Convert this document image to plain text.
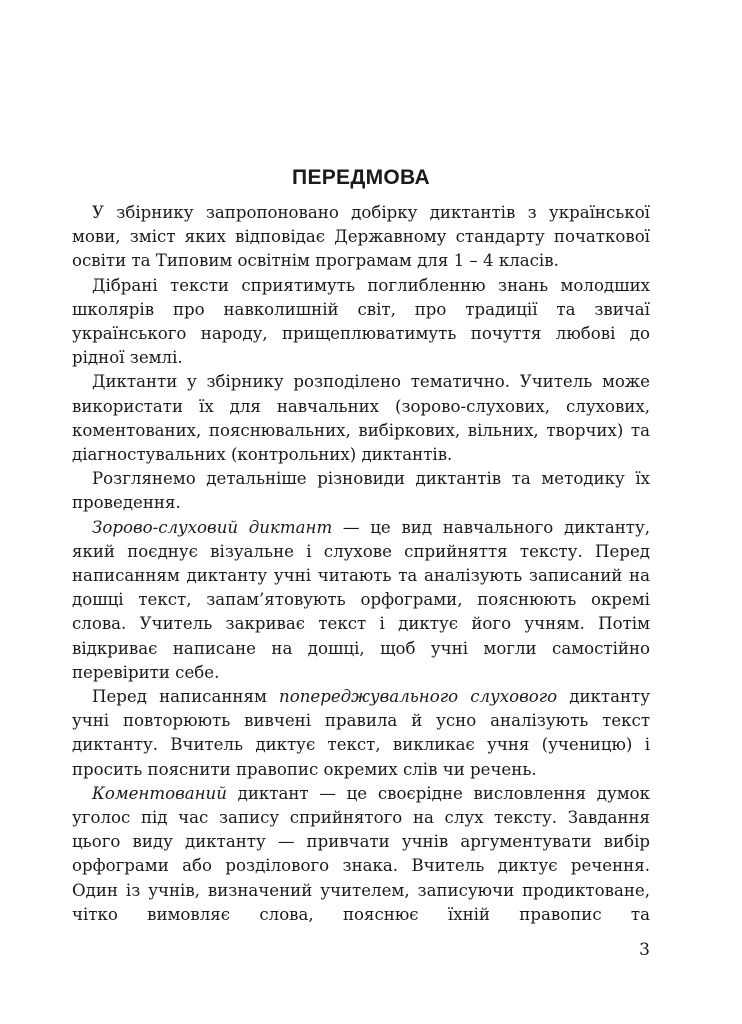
ПЕРЕДМОВА

У збірнику запропоновано добірку диктантів з української мови, зміст яких відповідає Державному стандарту початкової освіти та Типовим освітнім програмам для 1 – 4 класів.

Дібрані тексти сприятимуть поглибленню знань молодших школярів про навколишній світ, про традиції та звичаї українського народу, прищеплюватимуть почуття любові до рідної землі.

Диктанти у збірнику розподілено тематично. Учитель може використати їх для навчальних (зорово-слухових, слухових, коментованих, пояснювальних, вибіркових, вільних, творчих) та діагностувальних (контрольних) диктантів.

Розглянемо детальніше різновиди диктантів та методику їх проведення.

Зорово-слуховий диктант — це вид навчального диктанту, який поєднує візуальне і слухове сприйняття тексту. Перед написанням диктанту учні читають та аналізують записаний на дошці текст, запам’ятовують орфограми, пояснюють окремі слова. Учитель закриває текст і диктує його учням. Потім відкриває написане на дошці, щоб учні могли самостійно перевірити себе.

Перед написанням попереджувального слухового диктанту учні повторюють вивчені правила й усно аналізують текст диктанту. Вчитель диктує текст, викликає учня (ученицю) і просить пояснити правопис окремих слів чи речень.

Коментований диктант — це своєрідне висловлення думок уголос під час запису сприйнятого на слух тексту. Завдання цього виду диктанту — привчати учнів аргументувати вибір орфограми або розділового знака. Вчитель диктує речення. Один із учнів, визначений учителем, записуючи продиктоване, чітко вимовляє слова, пояснює їхній правопис та

3
